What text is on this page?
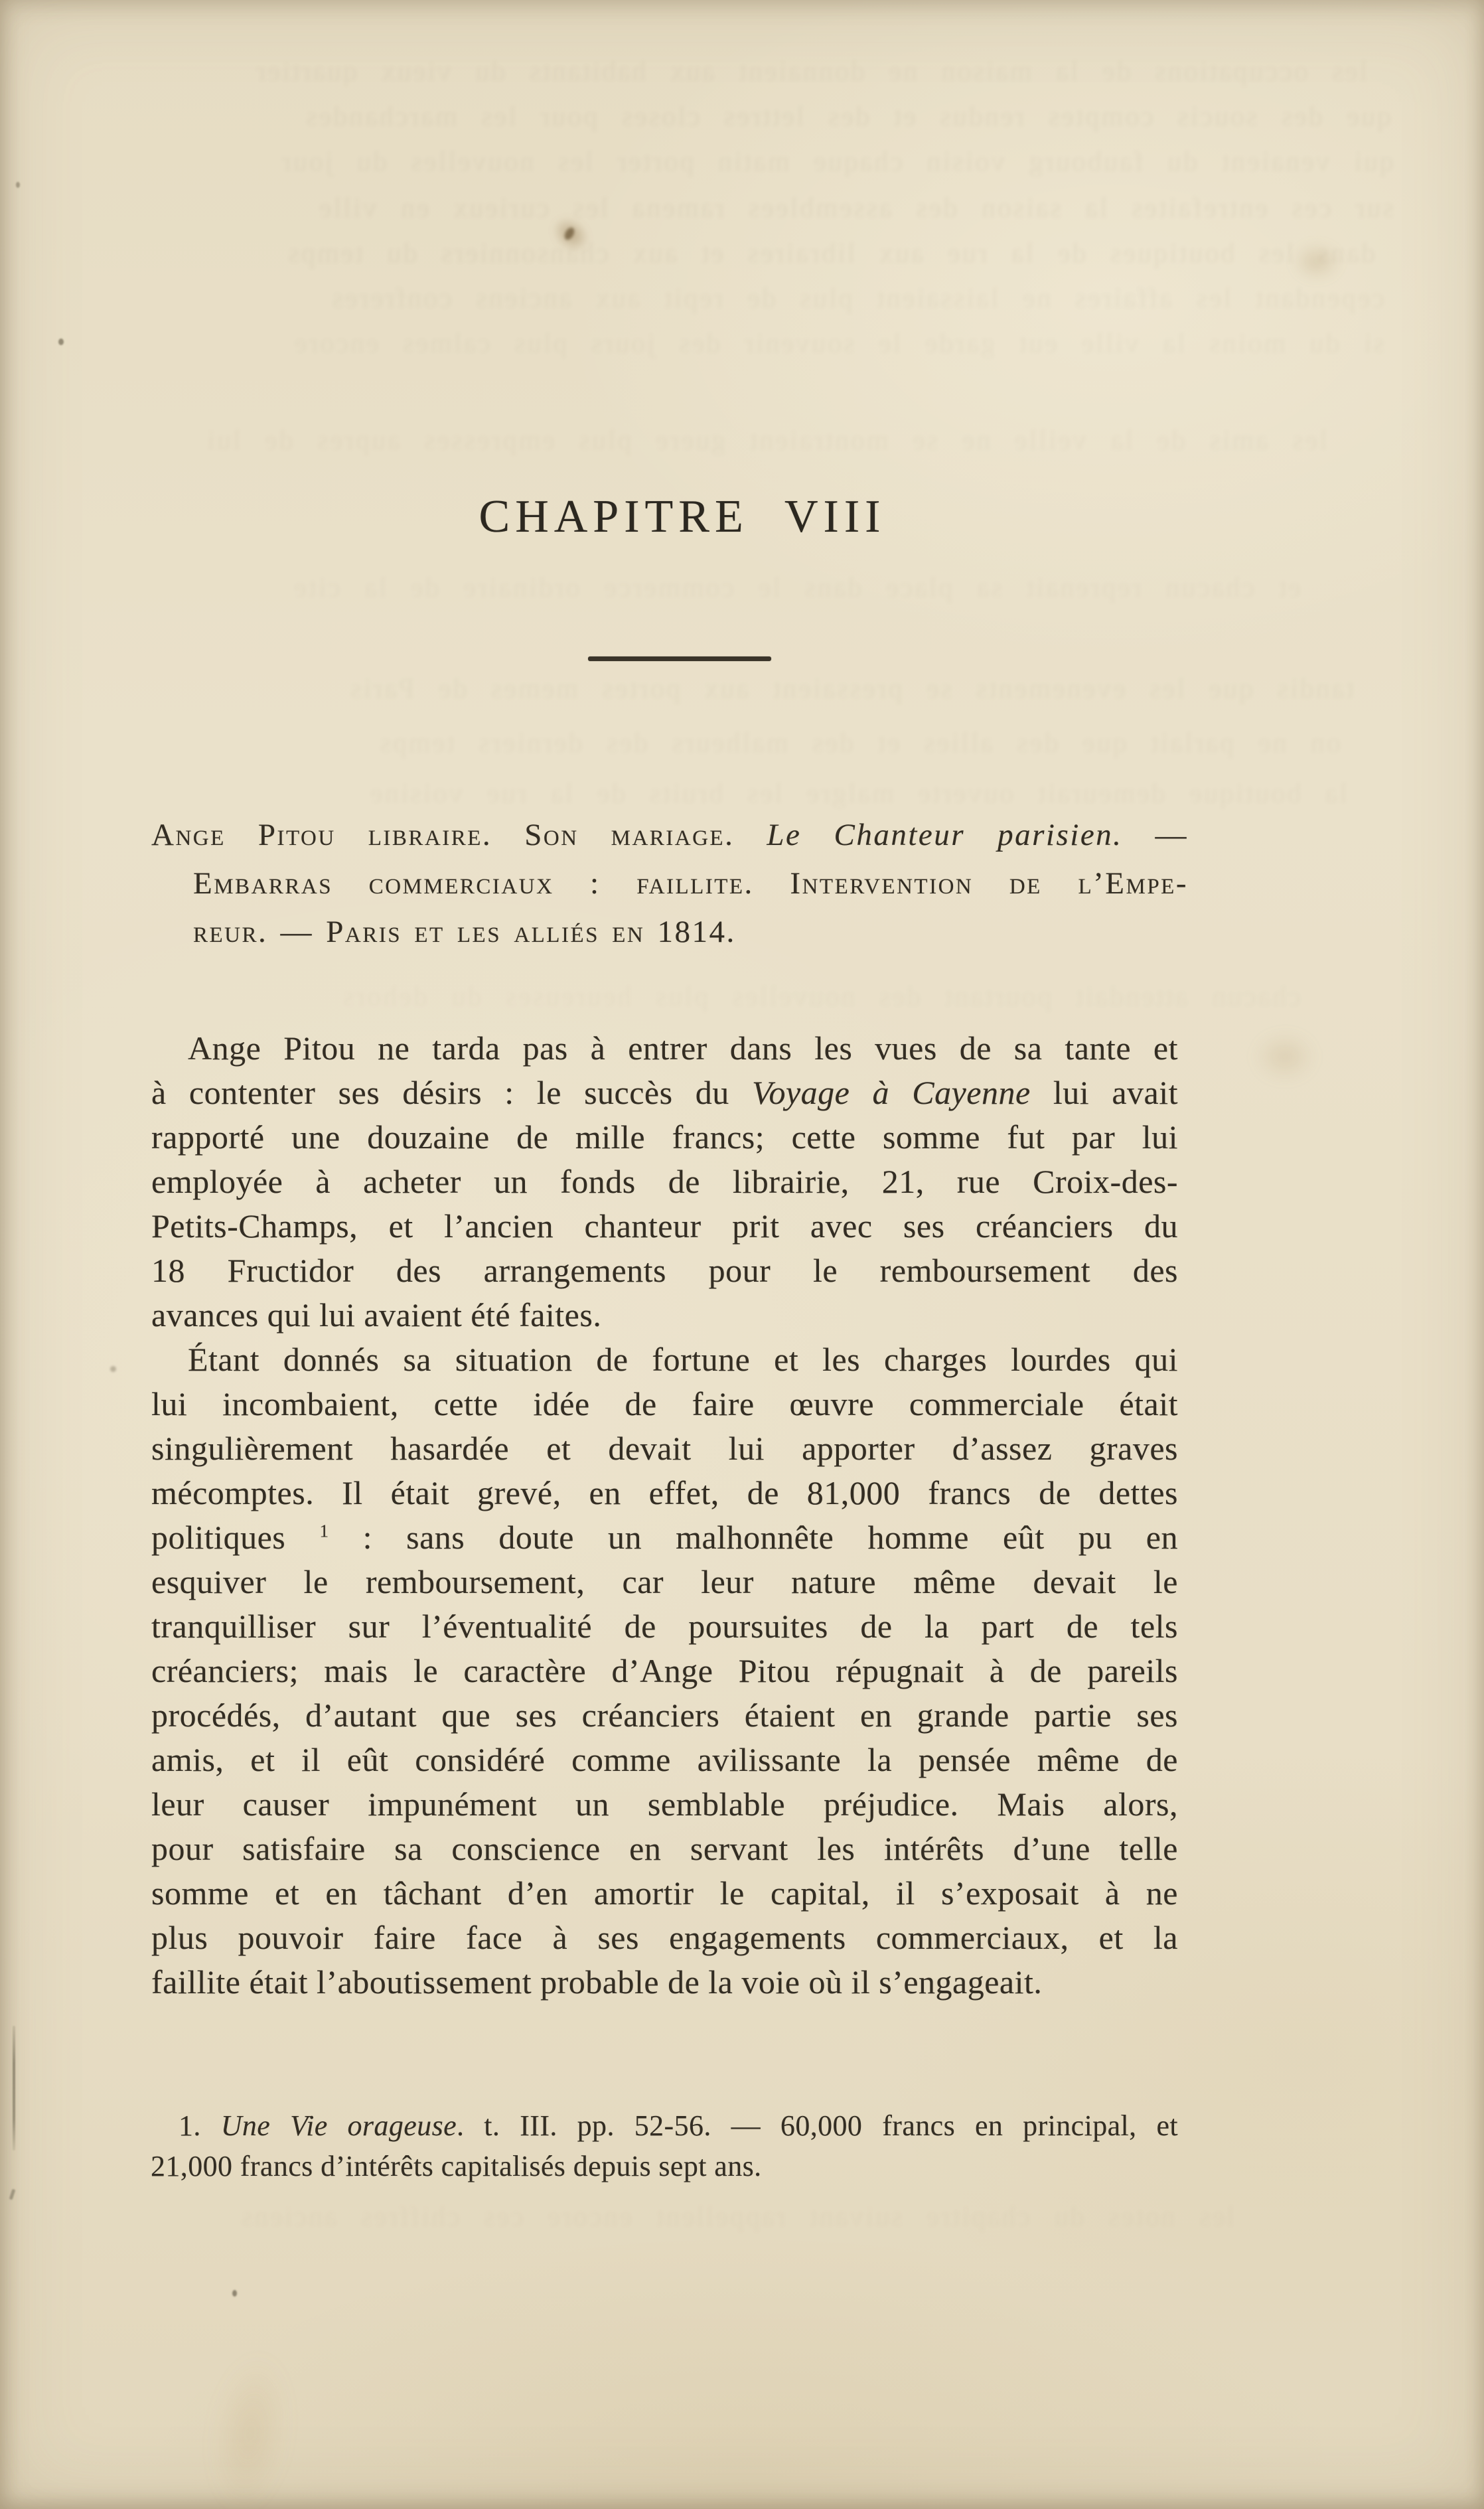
les occupations de la maison ne donnaient aux habitants du vieux quartier
que des soucis comptes rendus et des lettres closes pour les marchandes
qui venaient du faubourg voisin chaque matin porter les nouvelles du jour
sur ces entrefaites la saison des assemblees ramena les curieux en ville
dans les boutiques de la rue aux libraires et aux chansonniers du temps
cependant les affaires ne laissaient plus de repit aux anciens confreres
si du moins la ville eut garde le souvenir des jours plus calmes encore
les amis de la veille ne se montraient guere plus empresses aupres de lui
et chacun reprenait sa place dans le commerce ordinaire de la cite
tandis que les evenements se pressaient aux portes memes de Paris
on ne parlait que des allies et des malheurs des derniers temps
la boutique demeurait ouverte malgre les bruits de la rue voisine
CHAPITRE VIII
Ange Pitou libraire. Son mariage. Le Chanteur parisien. —
Embarras commerciaux : faillite. Intervention de l’Empe-
reur. — Paris et les alliés en 1814.
Ange Pitou ne tarda pas à entrer dans les vues de sa tante et
à contenter ses désirs : le succès du Voyage à Cayenne lui avait
rapporté une douzaine de mille francs; cette somme fut par lui
employée à acheter un fonds de librairie, 21, rue Croix-des-
Petits-Champs, et l’ancien chanteur prit avec ses créanciers du
18 Fructidor des arrangements pour le remboursement des
avances qui lui avaient été faites.
Étant donnés sa situation de fortune et les charges lourdes qui
lui incombaient, cette idée de faire œuvre commerciale était
singulièrement hasardée et devait lui apporter d’assez graves
mécomptes. Il était grevé, en effet, de 81,000 francs de dettes
politiques $^1$ : sans doute un malhonnête homme eût pu en
esquiver le remboursement, car leur nature même devait le
tranquilliser sur l’éventualité de poursuites de la part de tels
créanciers; mais le caractère d’Ange Pitou répugnait à de pareils
procédés, d’autant que ses créanciers étaient en grande partie ses
amis, et il eût considéré comme avilissante la pensée même de
leur causer impunément un semblable préjudice. Mais alors,
pour satisfaire sa conscience en servant les intérêts d’une telle
somme et en tâchant d’en amortir le capital, il s’exposait à ne
plus pouvoir faire face à ses engagements commerciaux, et la
faillite était l’aboutissement probable de la voie où il s’engageait.
1. Une Vie orageuse. t. III. pp. 52-56. — 60,000 francs en principal, et
21,000 francs d’intérêts capitalisés depuis sept ans.
